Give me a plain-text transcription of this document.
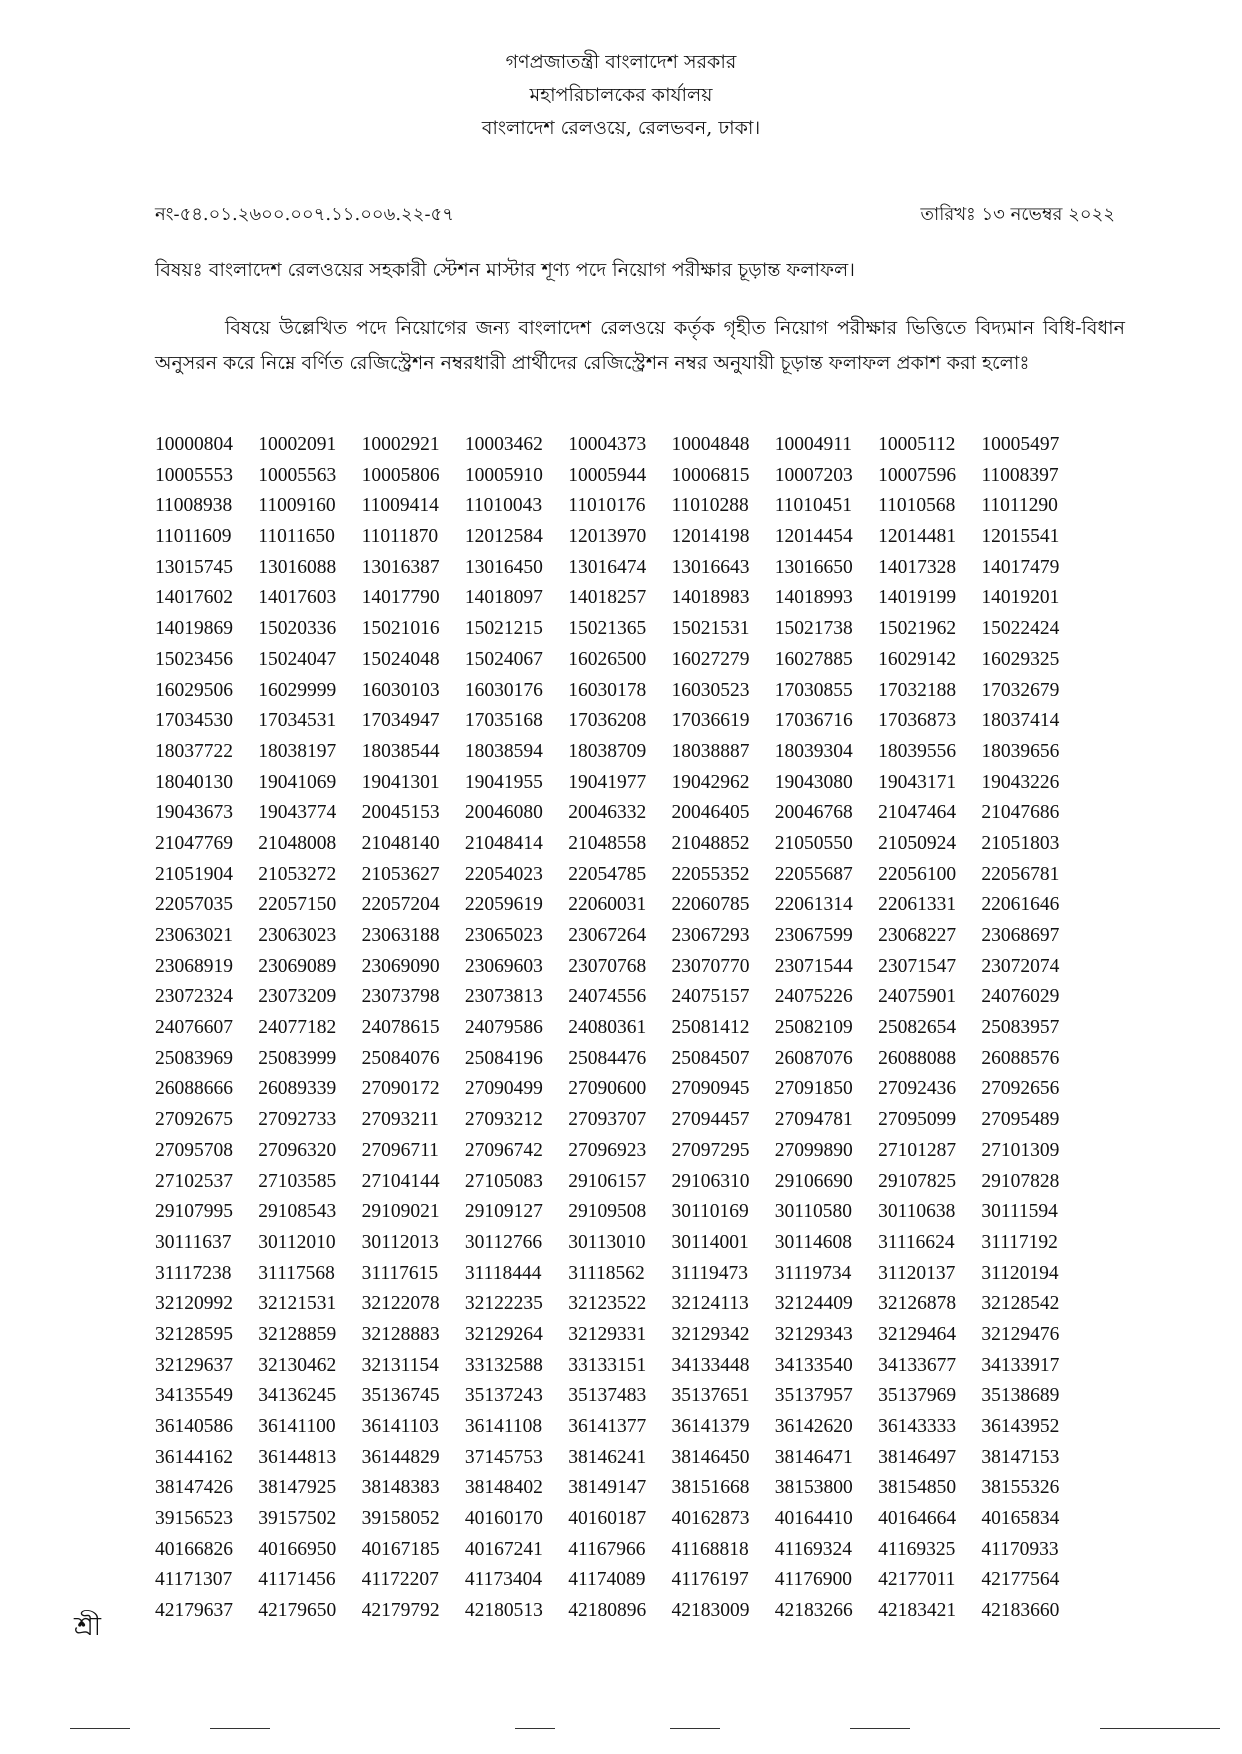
গণপ্রজাতন্ত্রী বাংলাদেশ সরকার
মহাপরিচালকের কার্যালয়
বাংলাদেশ রেলওয়ে, রেলভবন, ঢাকা।
নং-৫৪.০১.২৬০০.০০৭.১১.০০৬.২২-৫৭	তারিখঃ ১৩ নভেম্বর ২০২২
বিষয়ঃ বাংলাদেশ রেলওয়ের সহকারী স্টেশন মাস্টার শূণ্য পদে নিয়োগ পরীক্ষার চূড়ান্ত ফলাফল।
বিষয়ে উল্লেখিত পদে নিয়োগের জন্য বাংলাদেশ রেলওয়ে কর্তৃক গৃহীত নিয়োগ পরীক্ষার ভিত্তিতে বিদ্যমান বিধি-বিধান অনুসরন করে নিম্নে বর্ণিত রেজিস্ট্রেশন নম্বরধারী প্রার্থীদের রেজিস্ট্রেশন নম্বর অনুযায়ী চূড়ান্ত ফলাফল প্রকাশ করা হলোঃ
10000804	10002091	10002921	10003462	10004373	10004848	10004911	10005112	10005497
10005553	10005563	10005806	10005910	10005944	10006815	10007203	10007596	11008397
11008938	11009160	11009414	11010043	11010176	11010288	11010451	11010568	11011290
11011609	11011650	11011870	12012584	12013970	12014198	12014454	12014481	12015541
13015745	13016088	13016387	13016450	13016474	13016643	13016650	14017328	14017479
14017602	14017603	14017790	14018097	14018257	14018983	14018993	14019199	14019201
14019869	15020336	15021016	15021215	15021365	15021531	15021738	15021962	15022424
15023456	15024047	15024048	15024067	16026500	16027279	16027885	16029142	16029325
16029506	16029999	16030103	16030176	16030178	16030523	17030855	17032188	17032679
17034530	17034531	17034947	17035168	17036208	17036619	17036716	17036873	18037414
18037722	18038197	18038544	18038594	18038709	18038887	18039304	18039556	18039656
18040130	19041069	19041301	19041955	19041977	19042962	19043080	19043171	19043226
19043673	19043774	20045153	20046080	20046332	20046405	20046768	21047464	21047686
21047769	21048008	21048140	21048414	21048558	21048852	21050550	21050924	21051803
21051904	21053272	21053627	22054023	22054785	22055352	22055687	22056100	22056781
22057035	22057150	22057204	22059619	22060031	22060785	22061314	22061331	22061646
23063021	23063023	23063188	23065023	23067264	23067293	23067599	23068227	23068697
23068919	23069089	23069090	23069603	23070768	23070770	23071544	23071547	23072074
23072324	23073209	23073798	23073813	24074556	24075157	24075226	24075901	24076029
24076607	24077182	24078615	24079586	24080361	25081412	25082109	25082654	25083957
25083969	25083999	25084076	25084196	25084476	25084507	26087076	26088088	26088576
26088666	26089339	27090172	27090499	27090600	27090945	27091850	27092436	27092656
27092675	27092733	27093211	27093212	27093707	27094457	27094781	27095099	27095489
27095708	27096320	27096711	27096742	27096923	27097295	27099890	27101287	27101309
27102537	27103585	27104144	27105083	29106157	29106310	29106690	29107825	29107828
29107995	29108543	29109021	29109127	29109508	30110169	30110580	30110638	30111594
30111637	30112010	30112013	30112766	30113010	30114001	30114608	31116624	31117192
31117238	31117568	31117615	31118444	31118562	31119473	31119734	31120137	31120194
32120992	32121531	32122078	32122235	32123522	32124113	32124409	32126878	32128542
32128595	32128859	32128883	32129264	32129331	32129342	32129343	32129464	32129476
32129637	32130462	32131154	33132588	33133151	34133448	34133540	34133677	34133917
34135549	34136245	35136745	35137243	35137483	35137651	35137957	35137969	35138689
36140586	36141100	36141103	36141108	36141377	36141379	36142620	36143333	36143952
36144162	36144813	36144829	37145753	38146241	38146450	38146471	38146497	38147153
38147426	38147925	38148383	38148402	38149147	38151668	38153800	38154850	38155326
39156523	39157502	39158052	40160170	40160187	40162873	40164410	40164664	40165834
40166826	40166950	40167185	40167241	41167966	41168818	41169324	41169325	41170933
41171307	41171456	41172207	41173404	41174089	41176197	41176900	42177011	42177564
42179637	42179650	42179792	42180513	42180896	42183009	42183266	42183421	42183660
শ্রী
